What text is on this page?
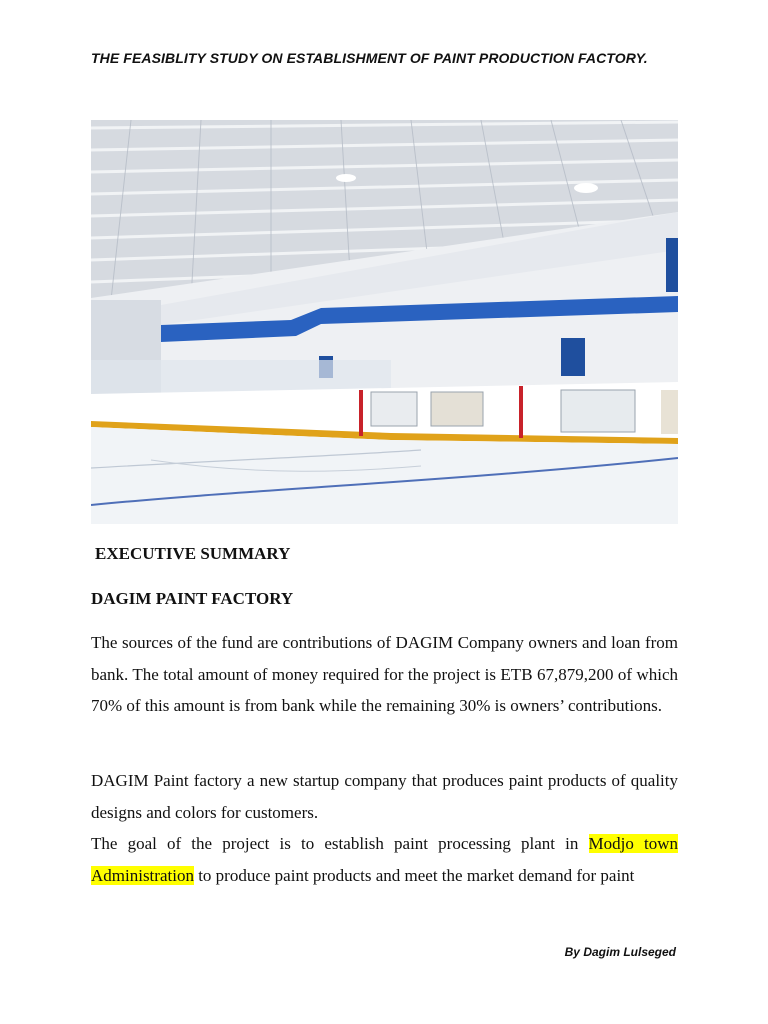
THE FEASIBLITY STUDY ON ESTABLISHMENT OF PAINT PRODUCTION FACTORY.
EXECUTIVE SUMMARY
DAGIM PAINT FACTORY

The sources of the fund are contributions of DAGIM Company owners and loan from bank. The total amount of money required for the project is ETB 67,879,200 of which 70% of this amount is from bank while the remaining 30% is owners’ contributions.

DAGIM Paint factory a new startup company that produces paint products of quality designs and colors for customers.

The goal of the project is to establish paint processing plant in Modjo town Administration to produce paint products and meet the market demand for paint

By Dagim Lulseged
